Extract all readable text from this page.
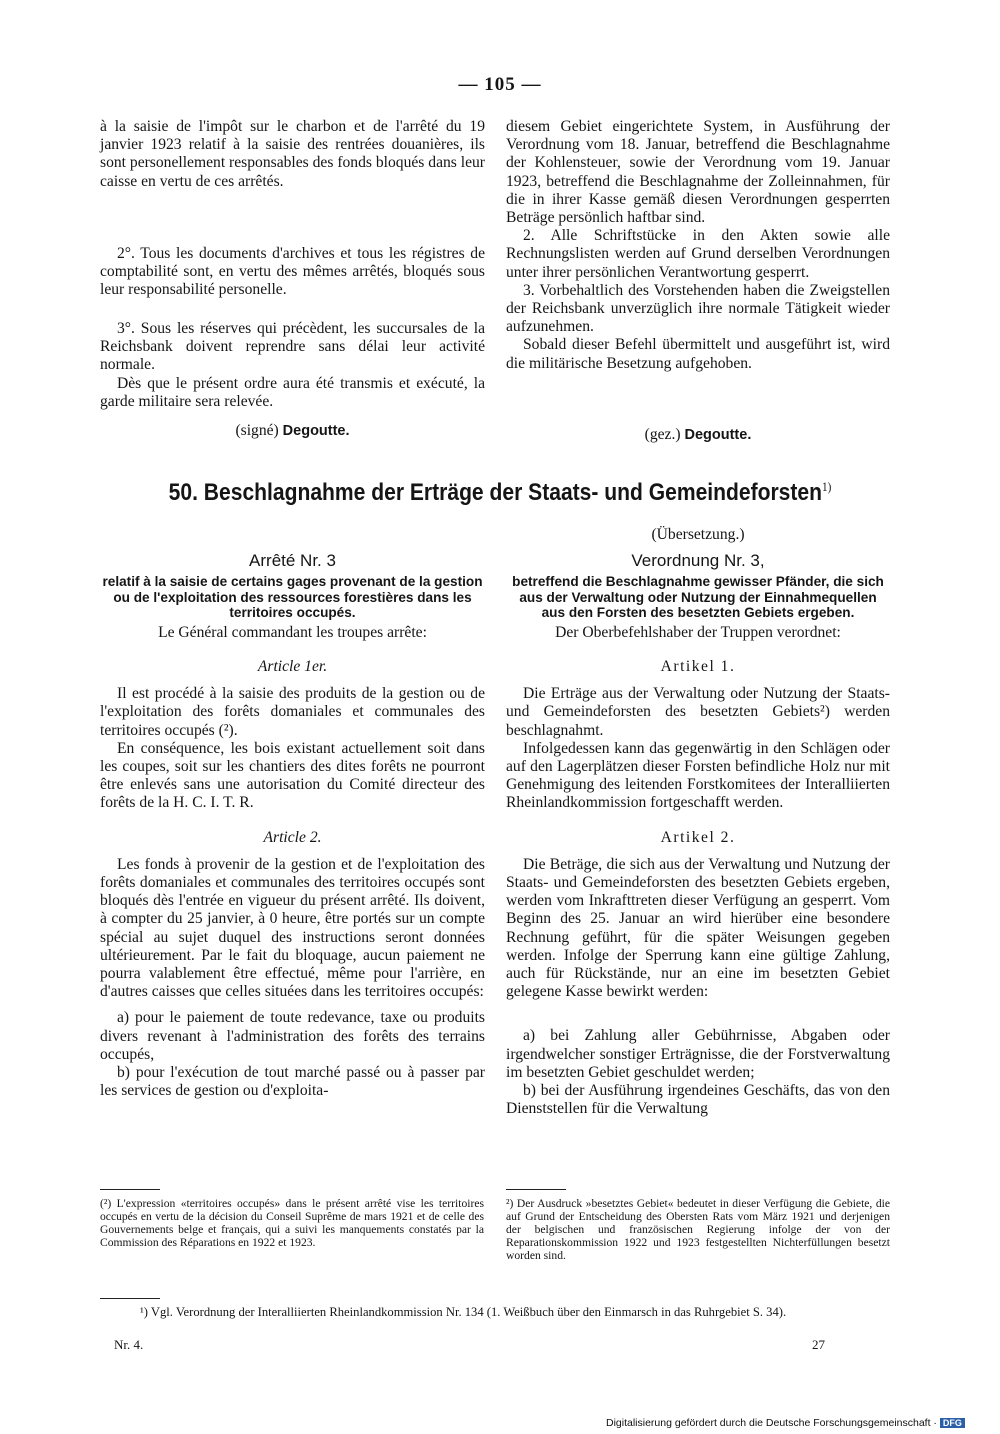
— 105 —

à la saisie de l'impôt sur le charbon et de l'arrêté du 19 janvier 1923 relatif à la saisie des rentrées douanières, ils sont personellement responsables des fonds bloqués dans leur caisse en vertu de ces arrêtés.

2°. Tous les documents d'archives et tous les régistres de comptabilité sont, en vertu des mêmes arrêtés, bloqués sous leur responsabilité personelle.

3°. Sous les réserves qui précèdent, les succursales de la Reichsbank doivent reprendre sans délai leur activité normale.

Dès que le présent ordre aura été transmis et exécuté, la garde militaire sera relevée.

(signé) Degoutte.

diesem Gebiet eingerichtete System, in Ausführung der Verordnung vom 18. Januar, betreffend die Beschlagnahme der Kohlensteuer, sowie der Verordnung vom 19. Januar 1923, betreffend die Beschlagnahme der Zolleinnahmen, für die in ihrer Kasse gemäß diesen Verordnungen gesperrten Beträge persönlich haftbar sind.

2. Alle Schriftstücke in den Akten sowie alle Rechnungslisten werden auf Grund derselben Verordnungen unter ihrer persönlichen Verantwortung gesperrt.

3. Vorbehaltlich des Vorstehenden haben die Zweigstellen der Reichsbank unverzüglich ihre normale Tätigkeit wieder aufzunehmen.

Sobald dieser Befehl übermittelt und ausgeführt ist, wird die militärische Besetzung aufgehoben.

(gez.) Degoutte.
50. Beschlagnahme der Erträge der Staats- und Gemeindeforsten$^{1)}$
(Übersetzung.)
Arrêté Nr. 3
relatif à la saisie de certains gages provenant de la gestion ou de l'exploitation des ressources forestières dans les territoires occupés.

Le Général commandant les troupes arrête:

Article 1er.

Il est procédé à la saisie des produits de la gestion ou de l'exploitation des forêts domaniales et communales des territoires occupés (²).

En conséquence, les bois existant actuellement soit dans les coupes, soit sur les chantiers des dites forêts ne pourront être enlevés sans une autorisation du Comité directeur des forêts de la H. C. I. T. R.

Article 2.

Les fonds à provenir de la gestion et de l'exploitation des forêts domaniales et communales des territoires occupés sont bloqués dès l'entrée en vigueur du présent arrêté. Ils doivent, à compter du 25 janvier, à 0 heure, être portés sur un compte spécial au sujet duquel des instructions seront données ultérieurement. Par le fait du bloquage, aucun paiement ne pourra valablement être effectué, même pour l'arrière, en d'autres caisses que celles situées dans les territoires occupés:

a) pour le paiement de toute redevance, taxe ou produits divers revenant à l'administration des forêts des terrains occupés,

b) pour l'exécution de tout marché passé ou à passer par les services de gestion ou d'exploita-

Verordnung Nr. 3,
betreffend die Beschlagnahme gewisser Pfänder, die sich aus der Verwaltung oder Nutzung der Einnahmequellen aus den Forsten des besetzten Gebiets ergeben.

Der Oberbefehlshaber der Truppen verordnet:

Artikel 1.

Die Erträge aus der Verwaltung oder Nutzung der Staats- und Gemeindeforsten des besetzten Gebiets²) werden beschlagnahmt.

Infolgedessen kann das gegenwärtig in den Schlägen oder auf den Lagerplätzen dieser Forsten befindliche Holz nur mit Genehmigung des leitenden Forstkomitees der Interalliierten Rheinlandkommission fortgeschafft werden.

Artikel 2.

Die Beträge, die sich aus der Verwaltung und Nutzung der Staats- und Gemeindeforsten des besetzten Gebiets ergeben, werden vom Inkrafttreten dieser Verfügung an gesperrt. Vom Beginn des 25. Januar an wird hierüber eine besondere Rechnung geführt, für die später Weisungen gegeben werden. Infolge der Sperrung kann eine gültige Zahlung, auch für Rückstände, nur an eine im besetzten Gebiet gelegene Kasse bewirkt werden:

a) bei Zahlung aller Gebührnisse, Abgaben oder irgendwelcher sonstiger Erträgnisse, die der Forstverwaltung im besetzten Gebiet geschuldet werden;

b) bei der Ausführung irgendeines Geschäfts, das von den Dienststellen für die Verwaltung

(²) L'expression «territoires occupés» dans le présent arrêté vise les territoires occupés en vertu de la décision du Conseil Suprême de mars 1921 et de celle des Gouvernements belge et français, qui a suivi les manquements constatés par la Commission des Réparations en 1922 et 1923.
²) Der Ausdruck »besetztes Gebiet« bedeutet in dieser Verfügung die Gebiete, die auf Grund der Entscheidung des Obersten Rats vom März 1921 und derjenigen der belgischen und französischen Regierung infolge der von der Reparationskommission 1922 und 1923 festgestellten Nichterfüllungen besetzt worden sind.
¹) Vgl. Verordnung der Interalliierten Rheinlandkommission Nr. 134 (1. Weißbuch über den Einmarsch in das Ruhrgebiet S. 34).
Nr. 4.	27
Digitalisierung gefördert durch die Deutsche Forschungsgemeinschaft · DFG
